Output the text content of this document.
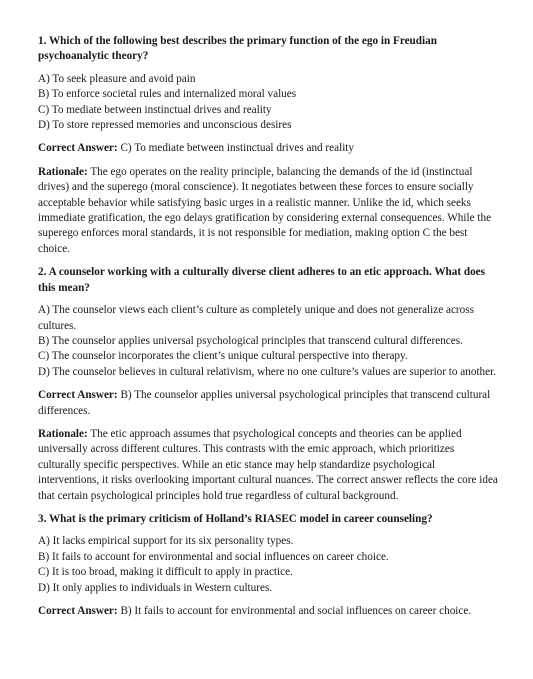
1. Which of the following best describes the primary function of the ego in Freudian psychoanalytic theory?
A) To seek pleasure and avoid pain
B) To enforce societal rules and internalized moral values
C) To mediate between instinctual drives and reality
D) To store repressed memories and unconscious desires
Correct Answer: C) To mediate between instinctual drives and reality
Rationale: The ego operates on the reality principle, balancing the demands of the id (instinctual drives) and the superego (moral conscience). It negotiates between these forces to ensure socially acceptable behavior while satisfying basic urges in a realistic manner. Unlike the id, which seeks immediate gratification, the ego delays gratification by considering external consequences. While the superego enforces moral standards, it is not responsible for mediation, making option C the best choice.
2. A counselor working with a culturally diverse client adheres to an etic approach. What does this mean?
A) The counselor views each client’s culture as completely unique and does not generalize across cultures.
B) The counselor applies universal psychological principles that transcend cultural differences.
C) The counselor incorporates the client’s unique cultural perspective into therapy.
D) The counselor believes in cultural relativism, where no one culture’s values are superior to another.
Correct Answer: B) The counselor applies universal psychological principles that transcend cultural differences.
Rationale: The etic approach assumes that psychological concepts and theories can be applied universally across different cultures. This contrasts with the emic approach, which prioritizes culturally specific perspectives. While an etic stance may help standardize psychological interventions, it risks overlooking important cultural nuances. The correct answer reflects the core idea that certain psychological principles hold true regardless of cultural background.
3. What is the primary criticism of Holland’s RIASEC model in career counseling?
A) It lacks empirical support for its six personality types.
B) It fails to account for environmental and social influences on career choice.
C) It is too broad, making it difficult to apply in practice.
D) It only applies to individuals in Western cultures.
Correct Answer: B) It fails to account for environmental and social influences on career choice.
